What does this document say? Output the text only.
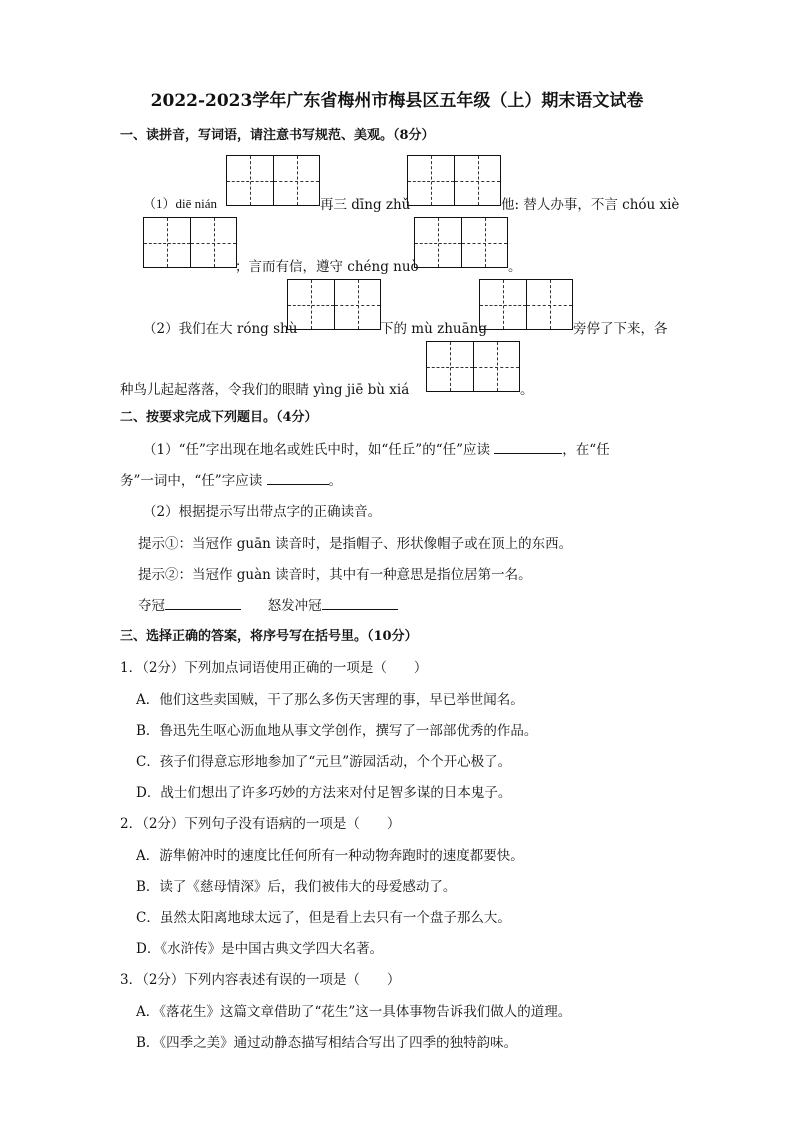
2022-2023学年广东省梅州市梅县区五年级（上）期末语文试卷
一、读拼音，写词语，请注意书写规范、美观。（8分）
（1）diē nián	再三 dīng zhǔ	他: 替人办事，不言 chóu xiè
；言而有信，遵守 chéng nuò	。
（2）我们在大 róng shù	下的 mù zhuāng	旁停了下来，各
种鸟儿起起落落，令我们的眼睛 yìng jiē bù xiá	。
二、按要求完成下列题目。（4分）
（1）“任”字出现在地名或姓氏中时，如“任丘”的“任”应读	，在“任
务”一词中，“任”字应读	。
（2）根据提示写出带点字的正确读音。
提示①：当冠作 guān 读音时，是指帽子、形状像帽子或在顶上的东西。
提示②：当冠作 guàn 读音时，其中有一种意思是指位居第一名。
夺冠	怒发冲冠
三、选择正确的答案，将序号写在括号里。（10分）
1．（2分）下列加点词语使用正确的一项是（　　）
A．他们这些卖国贼，干了那么多伤天害理的事，早已举世闻名。
B．鲁迅先生呕心沥血地从事文学创作，撰写了一部部优秀的作品。
C．孩子们得意忘形地参加了“元旦”游园活动，个个开心极了。
D．战士们想出了许多巧妙的方法来对付足智多谋的日本鬼子。
2．（2分）下列句子没有语病的一项是（　　）
A．游隼俯冲时的速度比任何所有一种动物奔跑时的速度都要快。
B．读了《慈母情深》后，我们被伟大的母爱感动了。
C．虽然太阳离地球太远了，但是看上去只有一个盘子那么大。
D．《水浒传》是中国古典文学四大名著。
3．（2分）下列内容表述有误的一项是（　　）
A．《落花生》这篇文章借助了“花生”这一具体事物告诉我们做人的道理。
B．《四季之美》通过动静态描写相结合写出了四季的独特韵味。
